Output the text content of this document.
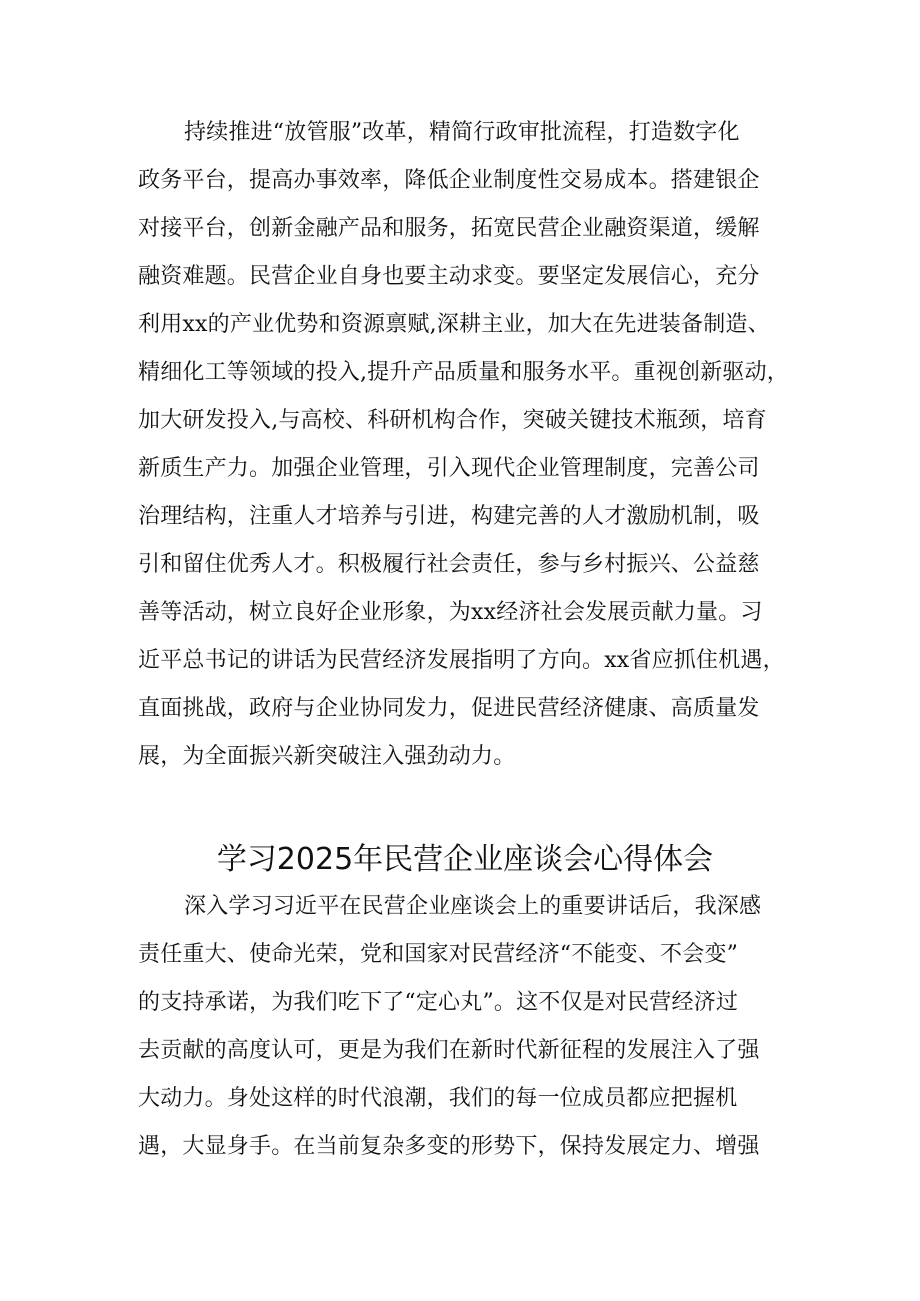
持续推进“放管服”改革，精简行政审批流程，打造数字化
政务平台，提高办事效率，降低企业制度性交易成本。搭建银企
对接平台，创新金融产品和服务，拓宽民营企业融资渠道，缓解
融资难题。民营企业自身也要主动求变。要坚定发展信心，充分
利用xx的产业优势和资源禀赋,深耕主业，加大在先进装备制造、
精细化工等领域的投入,提升产品质量和服务水平。重视创新驱动，
加大研发投入,与高校、科研机构合作，突破关键技术瓶颈，培育
新质生产力。加强企业管理，引入现代企业管理制度，完善公司
治理结构，注重人才培养与引进，构建完善的人才激励机制，吸
引和留住优秀人才。积极履行社会责任，参与乡村振兴、公益慈
善等活动，树立良好企业形象，为xx经济社会发展贡献力量。习
近平总书记的讲话为民营经济发展指明了方向。xx省应抓住机遇，
直面挑战，政府与企业协同发力，促进民营经济健康、高质量发
展，为全面振兴新突破注入强劲动力。
学习2025年民营企业座谈会心得体会
深入学习习近平在民营企业座谈会上的重要讲话后，我深感
责任重大、使命光荣，党和国家对民营经济“不能变、不会变”
的支持承诺，为我们吃下了“定心丸”。这不仅是对民营经济过
去贡献的高度认可，更是为我们在新时代新征程的发展注入了强
大动力。身处这样的时代浪潮，我们的每一位成员都应把握机
遇，大显身手。在当前复杂多变的形势下，保持发展定力、增强
